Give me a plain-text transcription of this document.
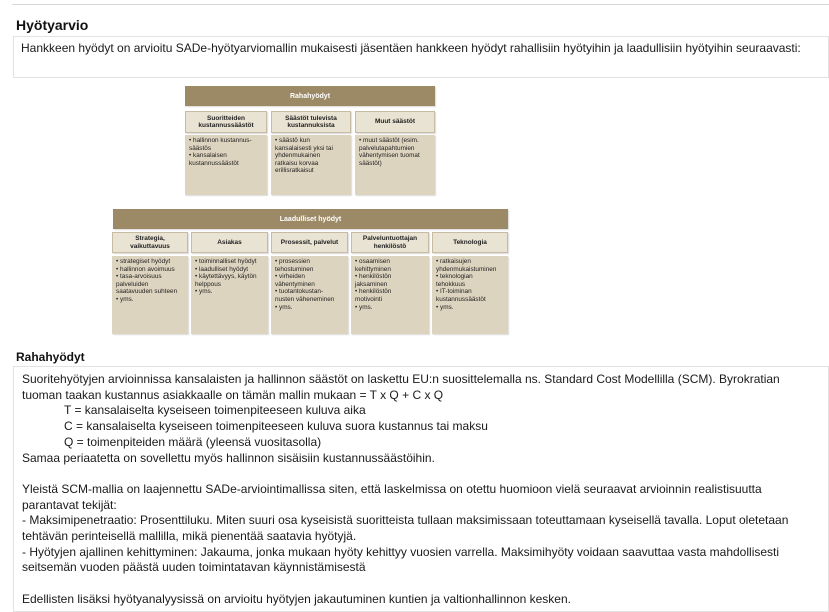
Hyötyarvio

Hankkeen hyödyt on arvioitu SADe-hyötyarviomallin mukaisesti jäsentäen hankkeen hyödyt rahallisiin hyötyihin ja laadullisiin hyötyihin seuraavasti:

Rahahyödyt
Suoritteiden
kustannussäästöt
Säästöt tulevista
kustannuksista
Muut säästöt
• hallinnon kustannus-
säästös
• kansalaisen
kustannussäästöt
• säästö kun
kansalaisesti yksi tai
yhdenmukainen
ratkaisu korvaa
erillisratkaisut
• muut säästöt (esim.
palvelutapahtumien
vähentymisen tuomat
säästöt)
Laadulliset hyödyt
Strategia,
vaikuttavuus
Asiakas	Prosessit, palvelut
Palveluntuottajan
henkilöstö
Teknologia
• strategiset hyödyt
• hallinnon avoimuus
• tasa-arvoisuus
palveluiden
saatavuuden suhteen
• yms.
• toiminnalliset hyödyt
• laadulliset hyödyt
• käytettävyys, käytön
helppous
• yms.
• prosessien
tehostuminen
• virheiden
vähentyminen
• tuotantokustan-
nusten väheneminen
• yms.
• osaamisen
kehittyminen
• henkilöstön
jaksaminen
• henkilöstön
motivointi
• yms.
• ratkaisujen
yhdenmukaistuminen
• teknologian
tehokkuus
• IT-toiminan
kustannussäästöt
• yms.
Rahahyödyt

Suoritehyötyjen arvioinnissa kansalaisten ja hallinnon säästöt on laskettu EU:n suosittelemalla ns. Standard Cost Modellilla (SCM). Byrokratian

tuoman taakan kustannus asiakkaalle on tämän mallin mukaan = T x Q + C x Q

T = kansalaiselta kyseiseen toimenpiteeseen kuluva aika

C = kansalaiselta kyseiseen toimenpiteeseen kuluva suora kustannus tai maksu

Q = toimenpiteiden määrä (yleensä vuositasolla)

Samaa periaatetta on sovellettu myös hallinnon sisäisiin kustannussäästöihin.

Yleistä SCM-mallia on laajennettu SADe-arviointimallissa siten, että laskelmissa on otettu huomioon vielä seuraavat arvioinnin realistisuutta

parantavat tekijät:

- Maksimipenetraatio: Prosenttiluku. Miten suuri osa kyseisistä suoritteista tullaan maksimissaan toteuttamaan kyseisellä tavalla. Loput oletetaan

tehtävän perinteisellä mallilla, mikä pienentää saatavia hyötyjä.

- Hyötyjen ajallinen kehittyminen: Jakauma, jonka mukaan hyöty kehittyy vuosien varrella. Maksimihyöty voidaan saavuttaa vasta mahdollisesti

seitsemän vuoden päästä uuden toimintatavan käynnistämisestä

Edellisten lisäksi hyötyanalyysissä on arvioitu hyötyjen jakautuminen kuntien ja valtionhallinnon kesken.
